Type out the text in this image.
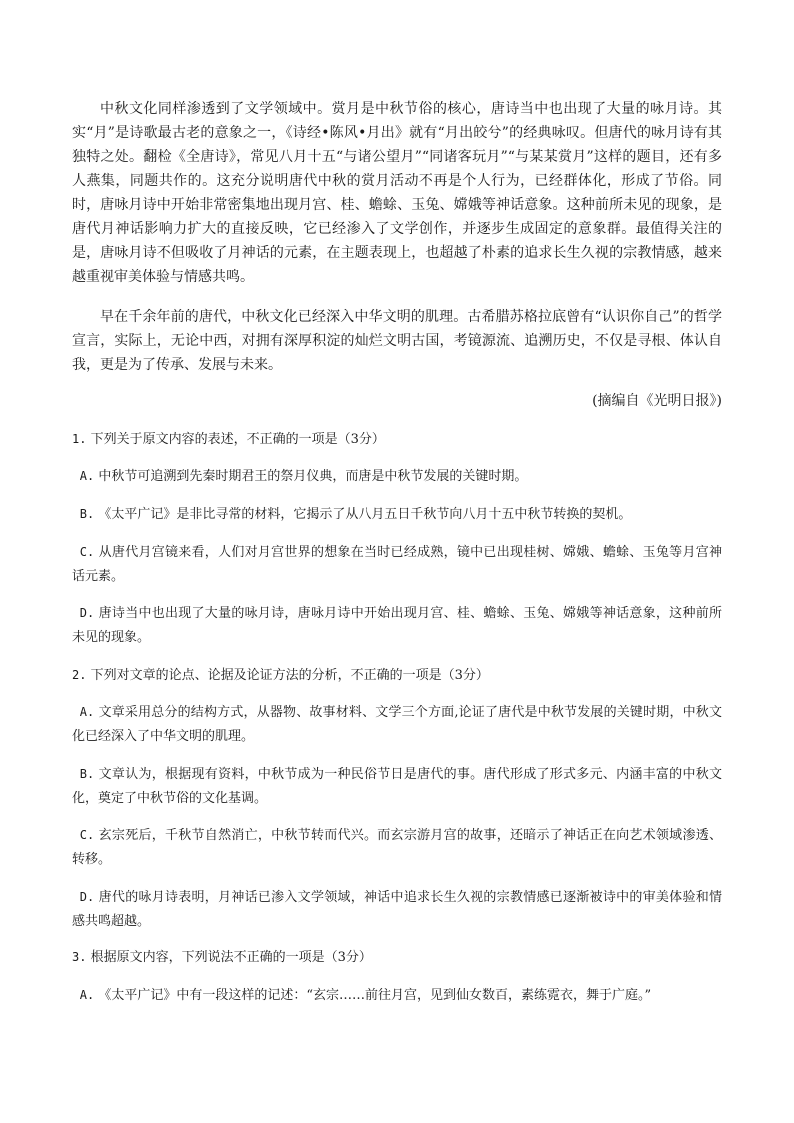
中秋文化同样渗透到了文学领域中。赏月是中秋节俗的核心，唐诗当中也出现了大量的咏月诗。其实“月”是诗歌最古老的意象之一，《诗经•陈风•月出》就有“月出皎兮”的经典咏叹。但唐代的咏月诗有其独特之处。翻检《全唐诗》，常见八月十五“与诸公望月”“同诸客玩月”“与某某赏月”这样的题目，还有多人燕集，同题共作的。这充分说明唐代中秋的赏月活动不再是个人行为，已经群体化，形成了节俗。同时，唐咏月诗中开始非常密集地出现月宫、桂、蟾蜍、玉兔、嫦娥等神话意象。这种前所未见的现象，是唐代月神话影响力扩大的直接反映，它已经渗入了文学创作，并逐步生成固定的意象群。最值得关注的是，唐咏月诗不但吸收了月神话的元素，在主题表现上，也超越了朴素的追求长生久视的宗教情感，越来越重视审美体验与情感共鸣。

早在千余年前的唐代，中秋文化已经深入中华文明的肌理。古希腊苏格拉底曾有“认识你自己”的哲学宣言，实际上，无论中西，对拥有深厚积淀的灿烂文明古国，考镜源流、追溯历史，不仅是寻根、体认自我，更是为了传承、发展与未来。

(摘编自《光明日报》)

1. 下列关于原文内容的表述，不正确的一项是（3分）

A. 中秋节可追溯到先秦时期君王的祭月仪典，而唐是中秋节发展的关键时期。

B. 《太平广记》是非比寻常的材料，它揭示了从八月五日千秋节向八月十五中秋节转换的契机。

C. 从唐代月宫镜来看，人们对月宫世界的想象在当时已经成熟，镜中已出现桂树、嫦娥、蟾蜍、玉兔等月宫神话元素。

D. 唐诗当中也出现了大量的咏月诗，唐咏月诗中开始出现月宫、桂、蟾蜍、玉兔、嫦娥等神话意象，这种前所未见的现象。

2. 下列对文章的论点、论据及论证方法的分析，不正确的一项是（3分）

A. 文章采用总分的结构方式，从器物、故事材料、文学三个方面,论证了唐代是中秋节发展的关键时期，中秋文化已经深入了中华文明的肌理。

B. 文章认为，根据现有资料，中秋节成为一种民俗节日是唐代的事。唐代形成了形式多元、内涵丰富的中秋文化，奠定了中秋节俗的文化基调。

C. 玄宗死后，千秋节自然消亡，中秋节转而代兴。而玄宗游月宫的故事，还暗示了神话正在向艺术领域渗透、转移。

D. 唐代的咏月诗表明，月神话已渗入文学领域，神话中追求长生久视的宗教情感已逐渐被诗中的审美体验和情感共鸣超越。

3. 根据原文内容，下列说法不正确的一项是（3分）

A. 《太平广记》中有一段这样的记述：“玄宗……前往月宫，见到仙女数百，素练霓衣，舞于广庭。”
